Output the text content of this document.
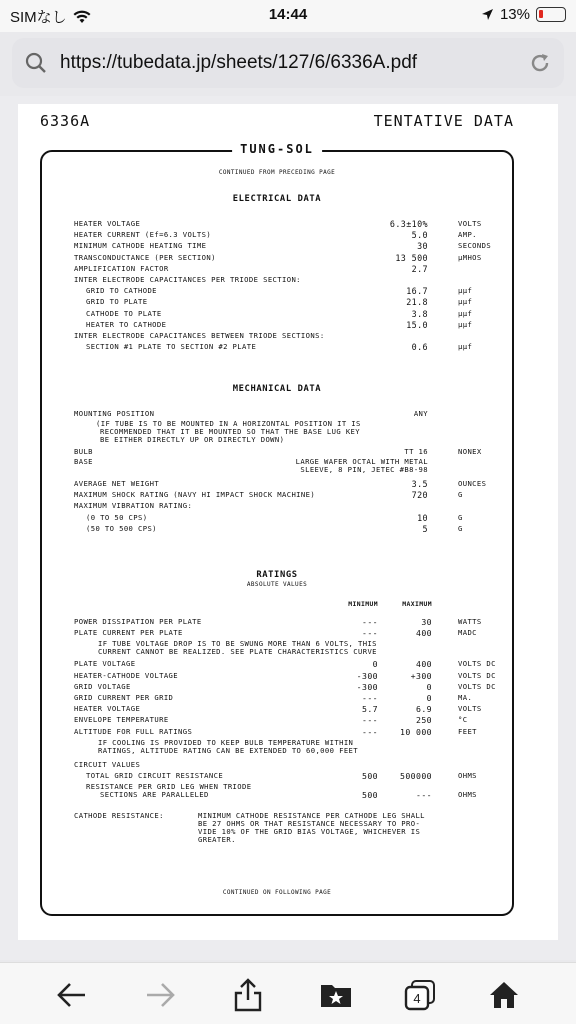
SIMなし	14:44	13%
https://tubedata.jp/sheets/127/6/6336A.pdf
6336A	TENTATIVE DATA
TUNG-SOL
CONTINUED FROM PRECEDING PAGE
ELECTRICAL DATA
HEATER VOLTAGE	6.3±10%	VOLTS
HEATER CURRENT (Ef=6.3 VOLTS)	5.0	AMP.
MINIMUM CATHODE HEATING TIME	30	SECONDS
TRANSCONDUCTANCE (PER SECTION)	13 500	μMHOS
AMPLIFICATION FACTOR	2.7
INTER ELECTRODE CAPACITANCES PER TRIODE SECTION:
GRID TO CATHODE	16.7	μμf
GRID TO PLATE	21.8	μμf
CATHODE TO PLATE	3.8	μμf
HEATER TO CATHODE	15.0	μμf
INTER ELECTRODE CAPACITANCES BETWEEN TRIODE SECTIONS:
SECTION #1 PLATE TO SECTION #2 PLATE	0.6	μμf
MECHANICAL DATA
MOUNTING POSITION	ANY
(IF TUBE IS TO BE MOUNTED IN A HORIZONTAL POSITION IT IS
RECOMMENDED THAT IT BE MOUNTED SO THAT THE BASE LUG KEY
BE EITHER DIRECTLY UP OR DIRECTLY DOWN)
BULB	TT 16	NONEX
BASE	LARGE WAFER OCTAL WITH METAL
SLEEVE, 8 PIN, JETEC #B8-98
AVERAGE NET WEIGHT	3.5	OUNCES
MAXIMUM SHOCK RATING (NAVY HI IMPACT SHOCK MACHINE)	720	G
MAXIMUM VIBRATION RATING:
(0 TO 50 CPS)	10	G
(50 TO 500 CPS)	5	G
RATINGS
ABSOLUTE VALUES
MINIMUM	MAXIMUM
POWER DISSIPATION PER PLATE	---	30	WATTS
PLATE CURRENT PER PLATE	---	400	MADC
IF TUBE VOLTAGE DROP IS TO BE SWUNG MORE THAN 6 VOLTS, THIS
CURRENT CANNOT BE REALIZED. SEE PLATE CHARACTERISTICS CURVE
PLATE VOLTAGE	0	400	VOLTS DC
HEATER-CATHODE VOLTAGE	-300	+300	VOLTS DC
GRID VOLTAGE	-300	0	VOLTS DC
GRID CURRENT PER GRID	---	0	MA.
HEATER VOLTAGE	5.7	6.9	VOLTS
ENVELOPE TEMPERATURE	---	250	°C
ALTITUDE FOR FULL RATINGS	---	10 000	FEET
IF COOLING IS PROVIDED TO KEEP BULB TEMPERATURE WITHIN
RATINGS, ALTITUDE RATING CAN BE EXTENDED TO 60,000 FEET
CIRCUIT VALUES
TOTAL GRID CIRCUIT RESISTANCE	500	500000	OHMS
RESISTANCE PER GRID LEG WHEN TRIODE
SECTIONS ARE PARALLELED	500	---	OHMS
CATHODE RESISTANCE:	MINIMUM CATHODE RESISTANCE PER CATHODE LEG SHALL
BE 27 OHMS OR THAT RESISTANCE NECESSARY TO PRO-
VIDE 10% OF THE GRID BIAS VOLTAGE, WHICHEVER IS
GREATER.
CONTINUED ON FOLLOWING PAGE
4
